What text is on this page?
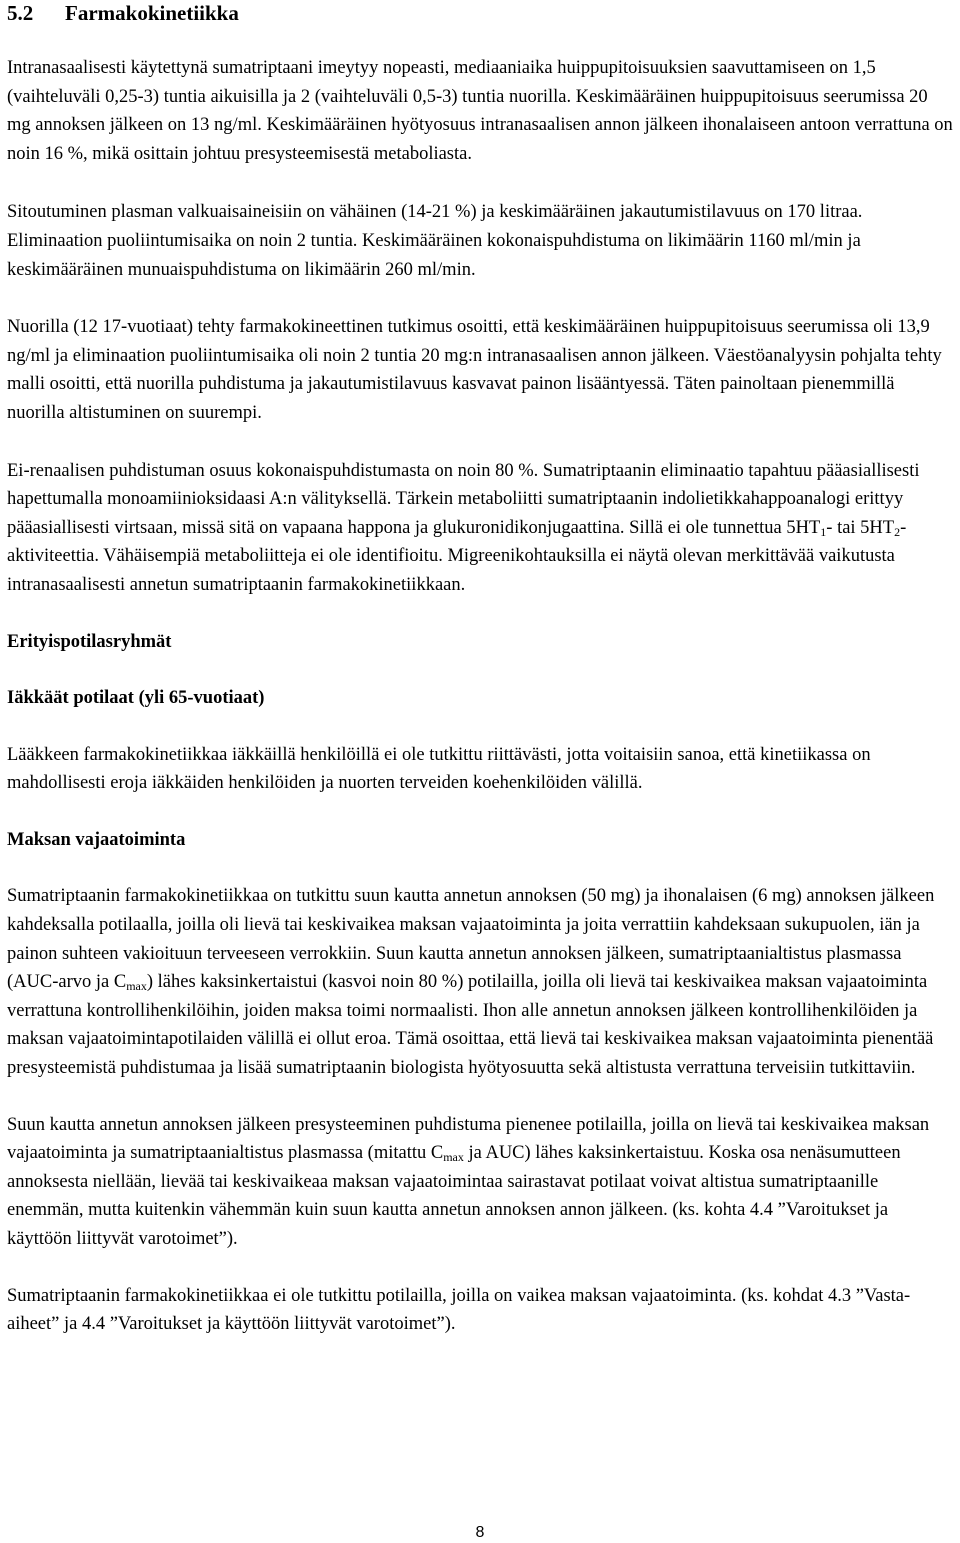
5.2	Farmakokinetiikka

Intranasaalisesti käytettynä sumatriptaani imeytyy nopeasti, mediaaniaika huippupitoisuuksien saavuttamiseen on 1,5 (vaihteluväli 0,25-3) tuntia aikuisilla ja 2 (vaihteluväli 0,5-3) tuntia nuorilla. Keskimääräinen huippupitoisuus seerumissa 20 mg annoksen jälkeen on 13 ng/ml. Keskimääräinen hyötyosuus intranasaalisen annon jälkeen ihonalaiseen antoon verrattuna on noin 16 %, mikä osittain johtuu presysteemisestä metaboliasta.

Sitoutuminen plasman valkuaisaineisiin on vähäinen (14-21 %) ja keskimääräinen jakautumistilavuus on 170 litraa. Eliminaation puoliintumisaika on noin 2 tuntia. Keskimääräinen kokonaispuhdistuma on likimäärin 1160 ml/min ja keskimääräinen munuaispuhdistuma on likimäärin 260 ml/min.

Nuorilla (12 17-vuotiaat) tehty farmakokineettinen tutkimus osoitti, että keskimääräinen huippupitoisuus seerumissa oli 13,9 ng/ml ja eliminaation puoliintumisaika oli noin 2 tuntia 20 mg:n intranasaalisen annon jälkeen. Väestöanalyysin pohjalta tehty malli osoitti, että nuorilla puhdistuma ja jakautumistilavuus kasvavat painon lisääntyessä. Täten painoltaan pienemmillä nuorilla altistuminen on suurempi.

Ei-renaalisen puhdistuman osuus kokonaispuhdistumasta on noin 80 %. Sumatriptaanin eliminaatio tapahtuu pääasiallisesti hapettumalla monoamiinioksidaasi A:n välityksellä. Tärkein metaboliitti sumatriptaanin indolietikkahappoanalogi erittyy pääasiallisesti virtsaan, missä sitä on vapaana happona ja glukuronidikonjugaattina. Sillä ei ole tunnettua $5HT_1-$ tai $5HT_2$-aktiviteettia. Vähäisempiä metaboliitteja ei ole identifioitu. Migreenikohtauksilla ei näytä olevan merkittävää vaikutusta intranasaalisesti annetun sumatriptaanin farmakokinetiikkaan.

Erityispotilasryhmät
Iäkkäät potilaat (yli 65-vuotiaat)

Lääkkeen farmakokinetiikkaa iäkkäillä henkilöillä ei ole tutkittu riittävästi, jotta voitaisiin sanoa, että kinetiikassa on mahdollisesti eroja iäkkäiden henkilöiden ja nuorten terveiden koehenkilöiden välillä.

Maksan vajaatoiminta

Sumatriptaanin farmakokinetiikkaa on tutkittu suun kautta annetun annoksen (50 mg) ja ihonalaisen (6 mg) annoksen jälkeen kahdeksalla potilaalla, joilla oli lievä tai keskivaikea maksan vajaatoiminta ja joita verrattiin kahdeksaan sukupuolen, iän ja painon suhteen vakioituun terveeseen verrokkiin. Suun kautta annetun annoksen jälkeen, sumatriptaanialtistus plasmassa (AUC-arvo ja $C_{max}$) lähes kaksinkertaistui (kasvoi noin 80 %) potilailla, joilla oli lievä tai keskivaikea maksan vajaatoiminta verrattuna kontrollihenkilöihin, joiden maksa toimi normaalisti. Ihon alle annetun annoksen jälkeen kontrollihenkilöiden ja maksan vajaatoimintapotilaiden välillä ei ollut eroa. Tämä osoittaa, että lievä tai keskivaikea maksan vajaatoiminta pienentää presysteemistä puhdistumaa ja lisää sumatriptaanin biologista hyötyosuutta sekä altistusta verrattuna terveisiin tutkittaviin.

Suun kautta annetun annoksen jälkeen presysteeminen puhdistuma pienenee potilailla, joilla on lievä tai keskivaikea maksan vajaatoiminta ja sumatriptaanialtistus plasmassa (mitattu $C_{max}$ ja AUC) lähes kaksinkertaistuu. Koska osa nenäsumutteen annoksesta niellään, lievää tai keskivaikeaa maksan vajaatoimintaa sairastavat potilaat voivat altistua sumatriptaanille enemmän, mutta kuitenkin vähemmän kuin suun kautta annetun annoksen annon jälkeen. (ks. kohta 4.4 ”Varoitukset ja käyttöön liittyvät varotoimet”).

Sumatriptaanin farmakokinetiikkaa ei ole tutkittu potilailla, joilla on vaikea maksan vajaatoiminta. (ks. kohdat 4.3 ”Vasta-aiheet” ja 4.4 ”Varoitukset ja käyttöön liittyvät varotoimet”).

8
